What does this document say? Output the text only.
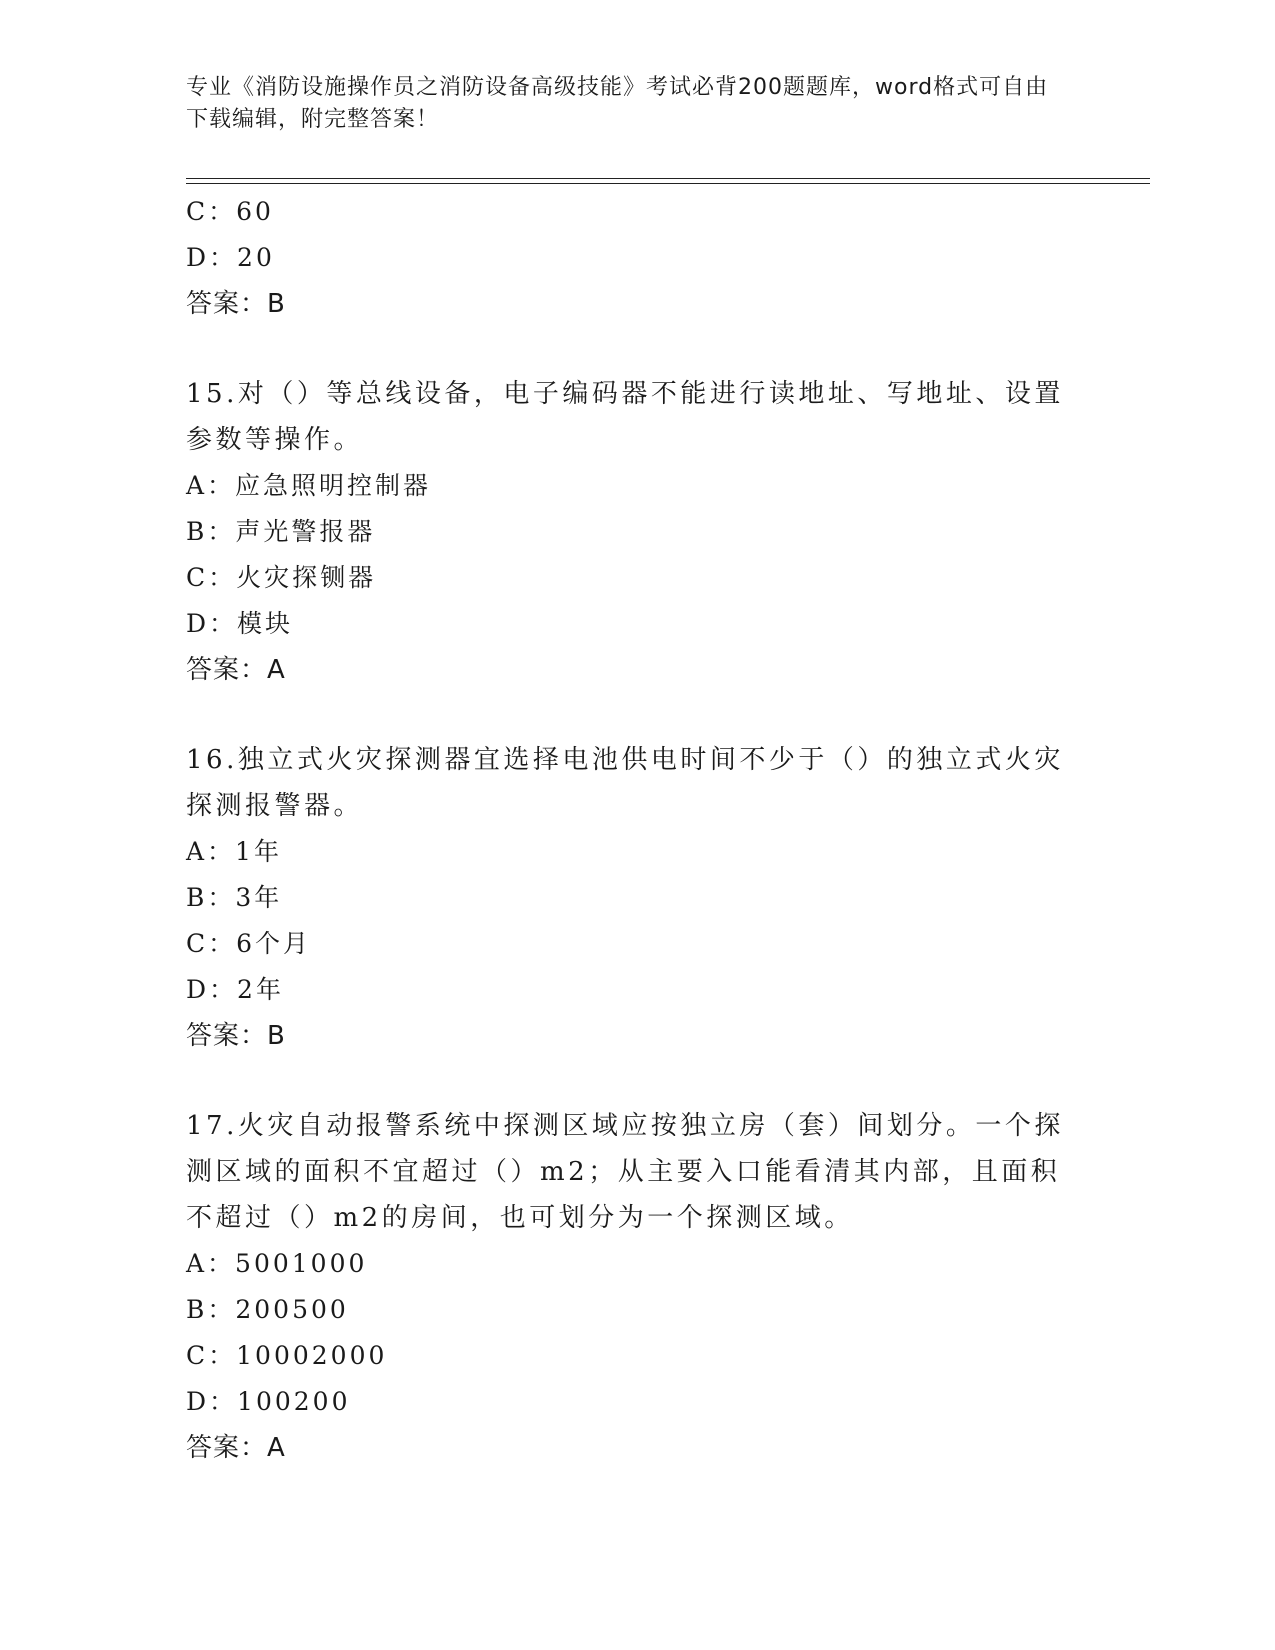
专业《消防设施操作员之消防设备高级技能》考试必背200题题库，word格式可自由下载编辑，附完整答案！
C：60
D：20
答案：B
15.对（）等总线设备，电子编码器不能进行读地址、写地址、设置参数等操作。
A：应急照明控制器
B：声光警报器
C：火灾探铡器
D：模块
答案：A
16.独立式火灾探测器宜选择电池供电时间不少于（）的独立式火灾探测报警器。
A：1年
B：3年
C：6个月
D：2年
答案：B
17.火灾自动报警系统中探测区域应按独立房（套）间划分。一个探测区域的面积不宜超过（）m2；从主要入口能看清其内部，且面积不超过（）m2的房间，也可划分为一个探测区域。
A：5001000
B：200500
C：10002000
D：100200
答案：A
